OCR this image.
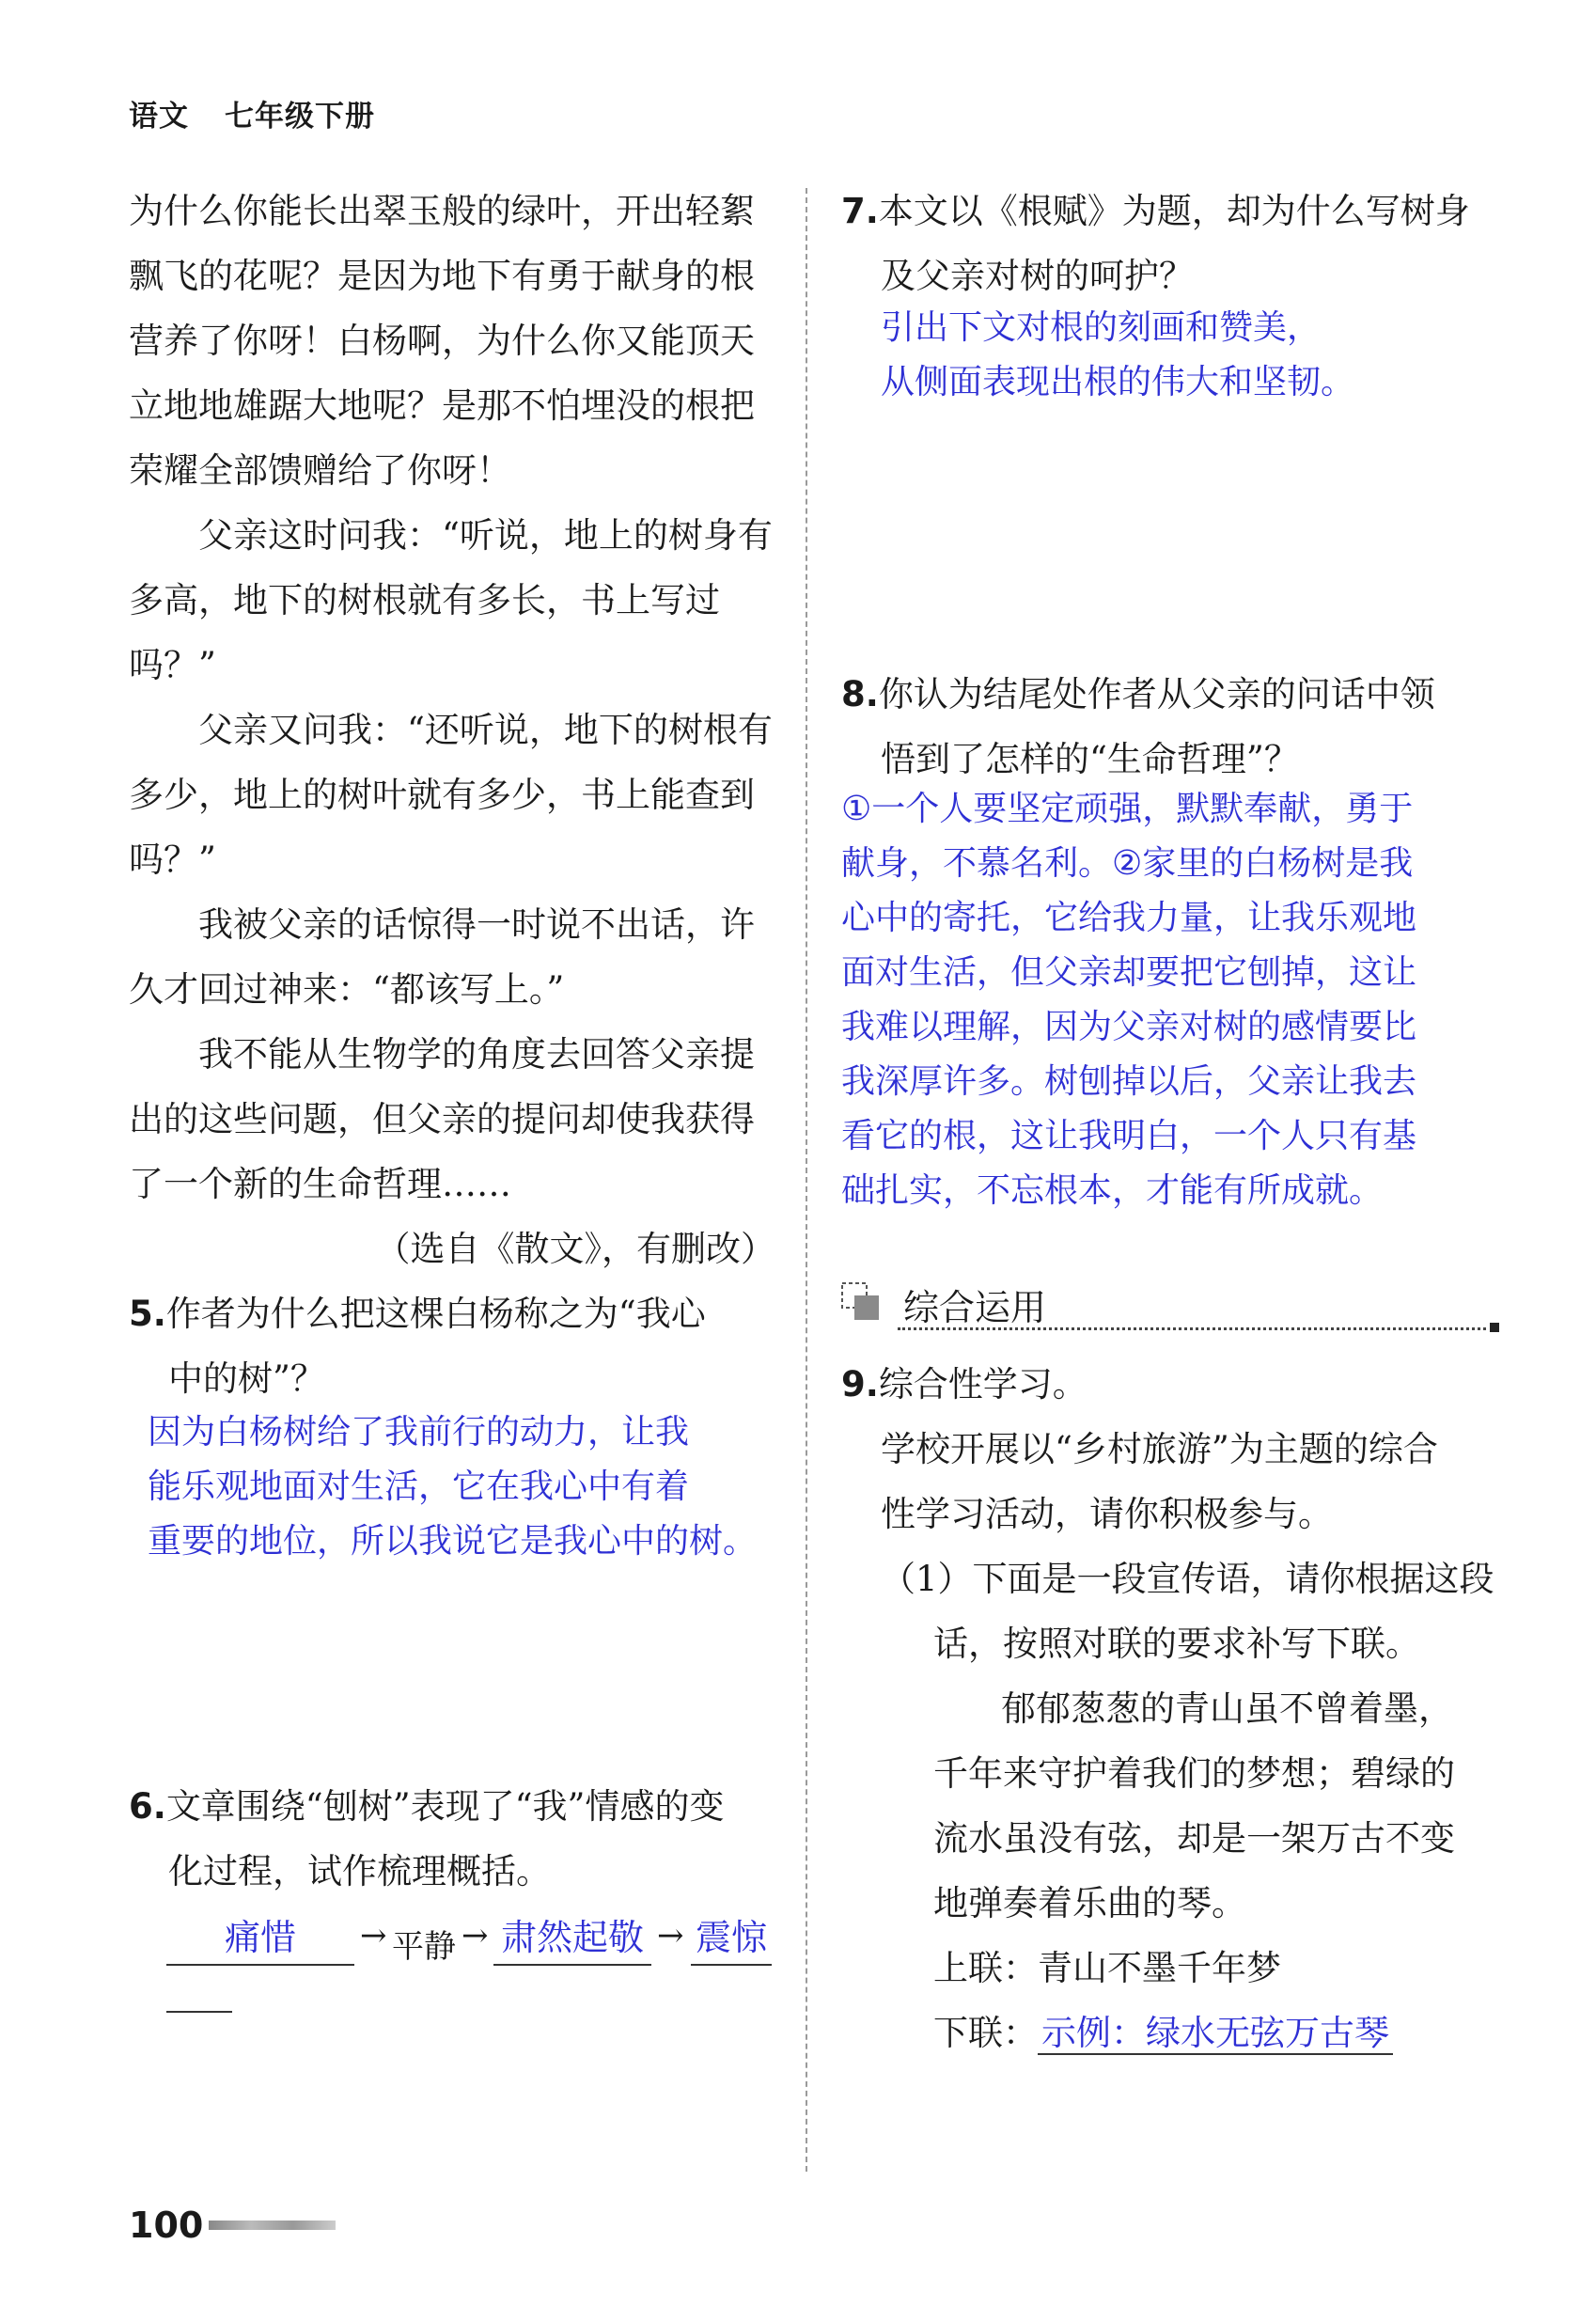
语文 七年级下册

为什么你能长出翠玉般的绿叶，开出轻絮飘飞的花呢？是因为地下有勇于献身的根营养了你呀！白杨啊，为什么你又能顶天立地地雄踞大地呢？是那不怕埋没的根把荣耀全部馈赠给了你呀！

父亲这时问我：“听说，地上的树身有多高，地下的树根就有多长，书上写过吗？”

父亲又问我：“还听说，地下的树根有多少，地上的树叶就有多少，书上能查到吗？”

我被父亲的话惊得一时说不出话，许久才回过神来：“都该写上。”

我不能从生物学的角度去回答父亲提出的这些问题，但父亲的提问却使我获得了一个新的生命哲理……

（选自《散文》，有删改）

5.作者为什么把这棵白杨称之为“我心
中的树”？

因为白杨树给了我前行的动力，让我

能乐观地面对生活，它在我心中有着

重要的地位，所以我说它是我心中的树。

6.文章围绕“刨树”表现了“我”情感的变
化过程，试作梳理概括。
痛惜	→ 平静 → 肃然起敬 → 震惊
7.本文以《根赋》为题，却为什么写树身
及父亲对树的呵护？

引出下文对根的刻画和赞美，

从侧面表现出根的伟大和坚韧。

8.你认为结尾处作者从父亲的问话中领
悟到了怎样的“生命哲理”？

①一个人要坚定顽强，默默奉献，勇于

献身，不慕名利。②家里的白杨树是我

心中的寄托，它给我力量，让我乐观地

面对生活，但父亲却要把它刨掉，这让

我难以理解，因为父亲对树的感情要比

我深厚许多。树刨掉以后，父亲让我去

看它的根，这让我明白，一个人只有基

础扎实，不忘根本，才能有所成就。

综合运用
9.综合性学习。

学校开展以“乡村旅游”为主题的综合

性学习活动，请你积极参与。

（1）下面是一段宣传语，请你根据这段

话，按照对联的要求补写下联。

郁郁葱葱的青山虽不曾着墨，

千年来守护着我们的梦想；碧绿的

流水虽没有弦，却是一架万古不变

地弹奏着乐曲的琴。

上联：青山不墨千年梦

下联： 示例：绿水无弦万古琴

100
